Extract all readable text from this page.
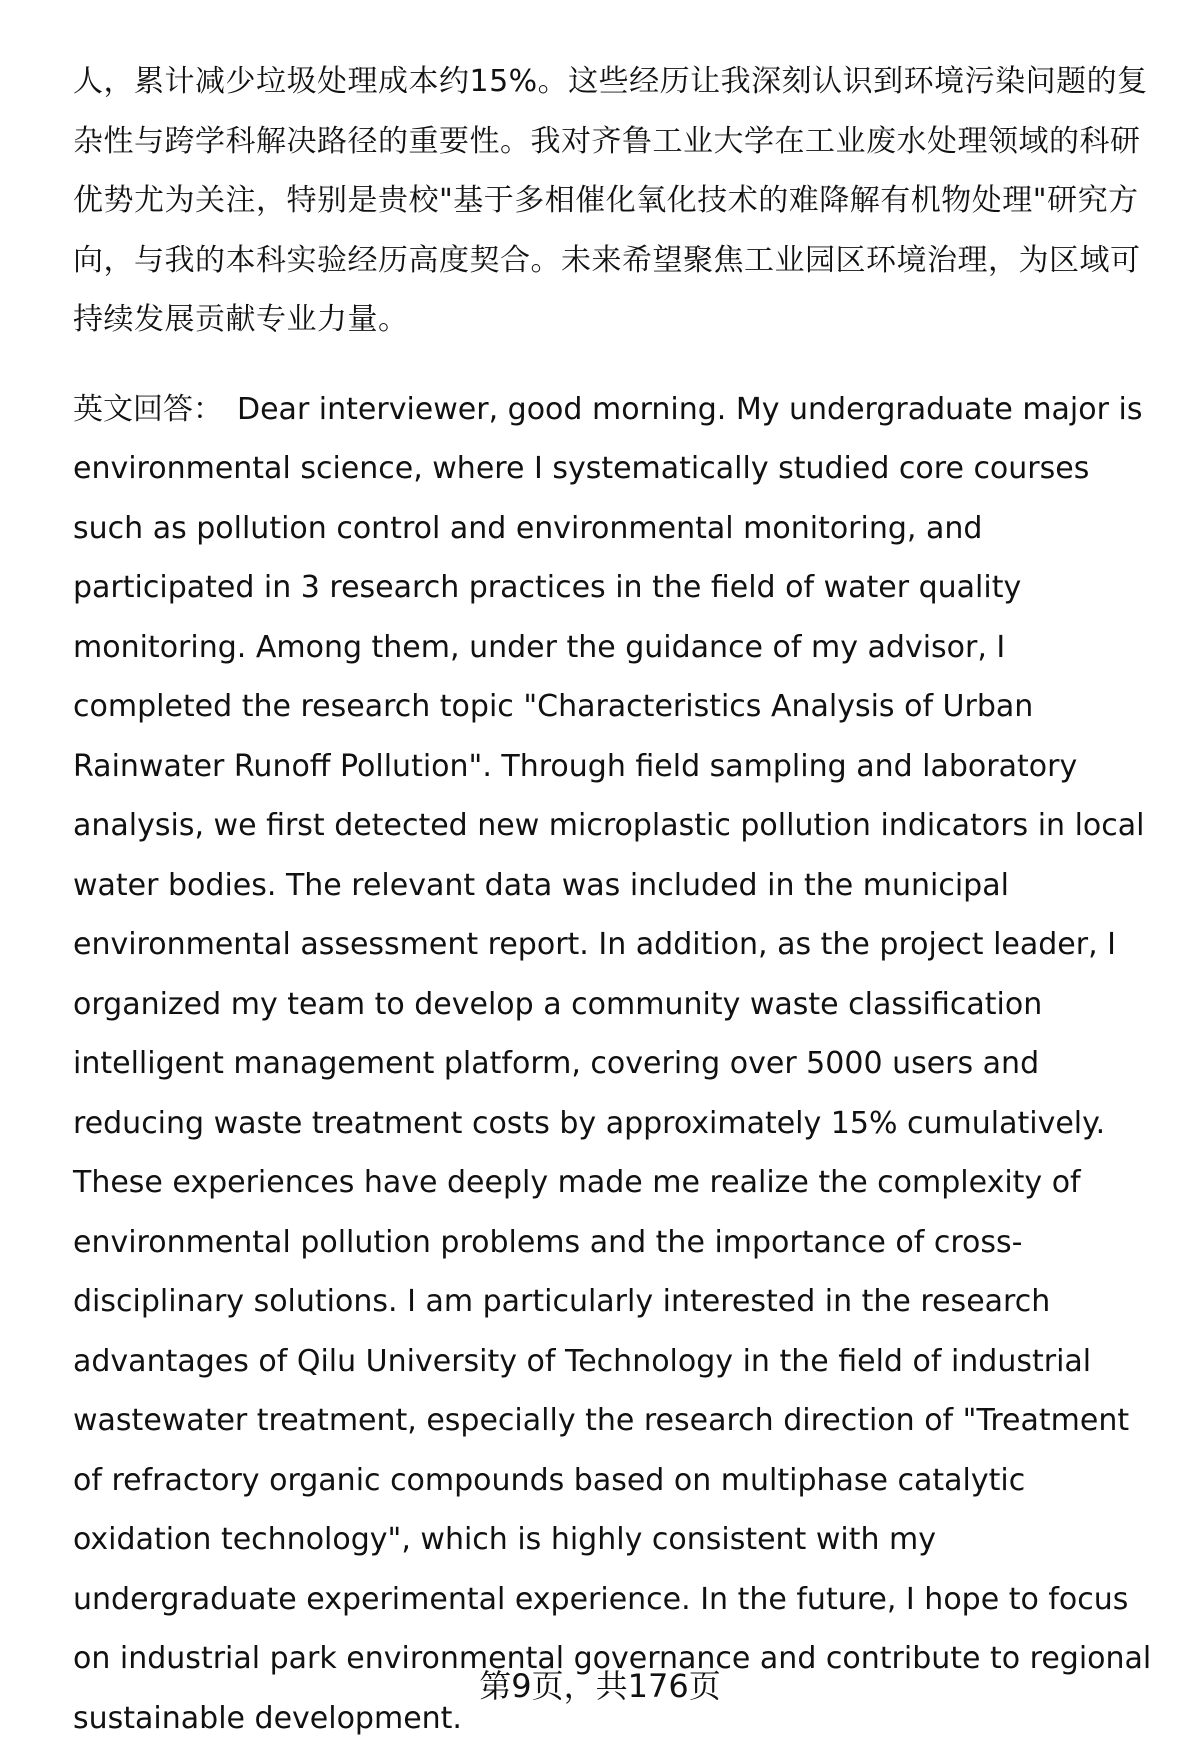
人，累计减少垃圾处理成本约15%。这些经历让我深刻认识到环境污染问题的复杂性与跨学科解决路径的重要性。我对齐鲁工业大学在工业废水处理领域的科研优势尤为关注，特别是贵校"基于多相催化氧化技术的难降解有机物处理"研究方向，与我的本科实验经历高度契合。未来希望聚焦工业园区环境治理，为区域可持续发展贡献专业力量。

英文回答： Dear interviewer, good morning. My undergraduate major is environmental science, where I systematically studied core courses such as pollution control and environmental monitoring, and participated in 3 research practices in the field of water quality monitoring. Among them, under the guidance of my advisor, I completed the research topic "Characteristics Analysis of Urban Rainwater Runoff Pollution". Through field sampling and laboratory analysis, we first detected new microplastic pollution indicators in local water bodies. The relevant data was included in the municipal environmental assessment report. In addition, as the project leader, I organized my team to develop a community waste classification intelligent management platform, covering over 5000 users and reducing waste treatment costs by approximately 15% cumulatively. These experiences have deeply made me realize the complexity of environmental pollution problems and the importance of cross-disciplinary solutions. I am particularly interested in the research advantages of Qilu University of Technology in the field of industrial wastewater treatment, especially the research direction of "Treatment of refractory organic compounds based on multiphase catalytic oxidation technology", which is highly consistent with my undergraduate experimental experience. In the future, I hope to focus on industrial park environmental governance and contribute to regional sustainable development.

第9页，共176页
